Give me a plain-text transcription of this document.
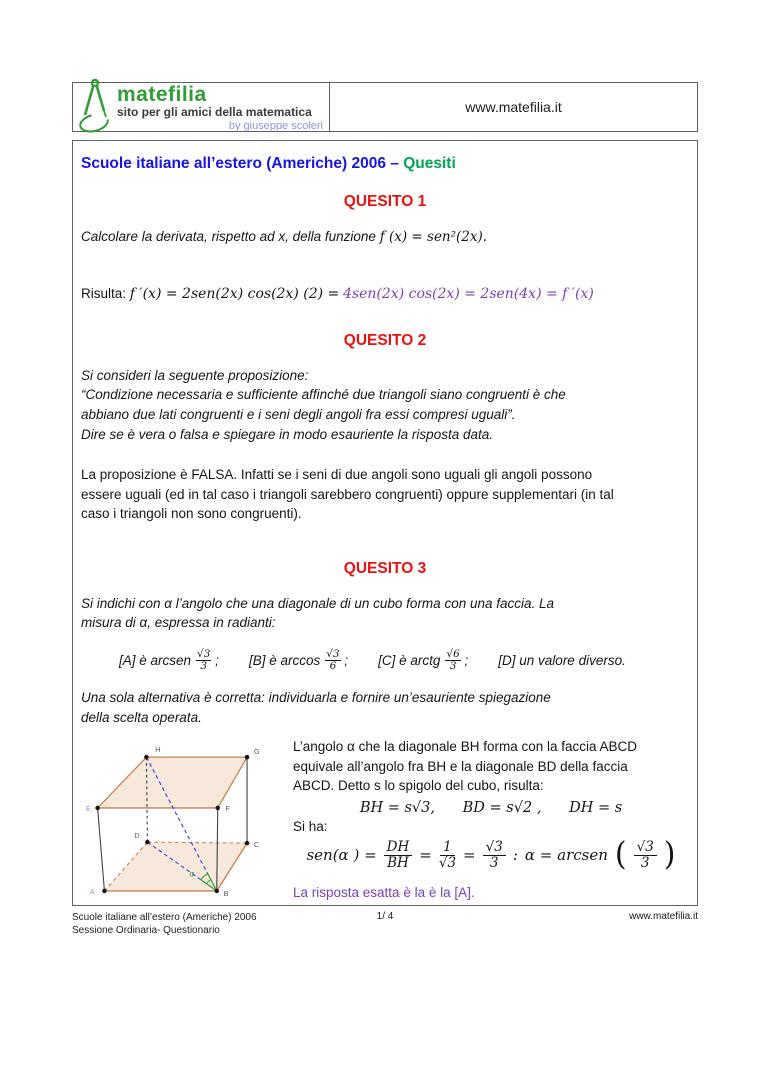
matefilia
sito per gli amici della matematica
by giuseppe scoleri
www.matefilia.it
Scuole italiane all’estero (Americhe) 2006 – Quesiti
QUESITO 1
Calcolare la derivata, rispetto ad x, della funzione f (x) = sen²(2x).
Risulta: f ′(x) = 2sen(2x) cos(2x) (2) = 4sen(2x) cos(2x) = 2sen(4x) = f ′(x)
QUESITO 2
Si consideri la seguente proposizione:
“Condizione necessaria e sufficiente affinché due triangoli siano congruenti è che
abbiano due lati congruenti e i seni degli angoli fra essi compresi uguali”.
Dire se è vera o falsa e spiegare in modo esauriente la risposta data.
La proposizione è FALSA. Infatti se i seni di due angoli sono uguali gli angoli possono
essere uguali (ed in tal caso i triangoli sarebbero congruenti) oppure supplementari (in tal
caso i triangoli non sono congruenti).
QUESITO 3
Si indichi con α l’angolo che una diagonale di un cubo forma con una faccia. La
misura di α, espressa in radianti:
[A] è arcsen $\frac{√3}{3}$ ; [B] è $\arccos \frac{√3}{6}$ ; [C] è arctg $\frac{√6}{3}$ ; [D] un valore diverso.
Una sola alternativa è corretta: individuarla e fornire un’esauriente spiegazione
della scelta operata.
α
A	B
C
D
E	F
G
H	L’angolo α che la diagonale BH forma con la faccia ABCD
equivale all’angolo fra BH e la diagonale BD della faccia
ABCD. Detto s lo spigolo del cubo, risulta:
BH = s√3,      BD = s√2 ,      DH = s
Si ha:
sen(α ) = $\frac{DH}{BH} = \frac{1}{√3} = \frac{√3}{3}$ : α = arcsen ( $\frac{√3}{3}$ )
La risposta esatta è la è la [A].
Scuole italiane all’estero (Americhe) 2006
Sessione Ordinaria- Questionario
1/ 4	www.matefilia.it
